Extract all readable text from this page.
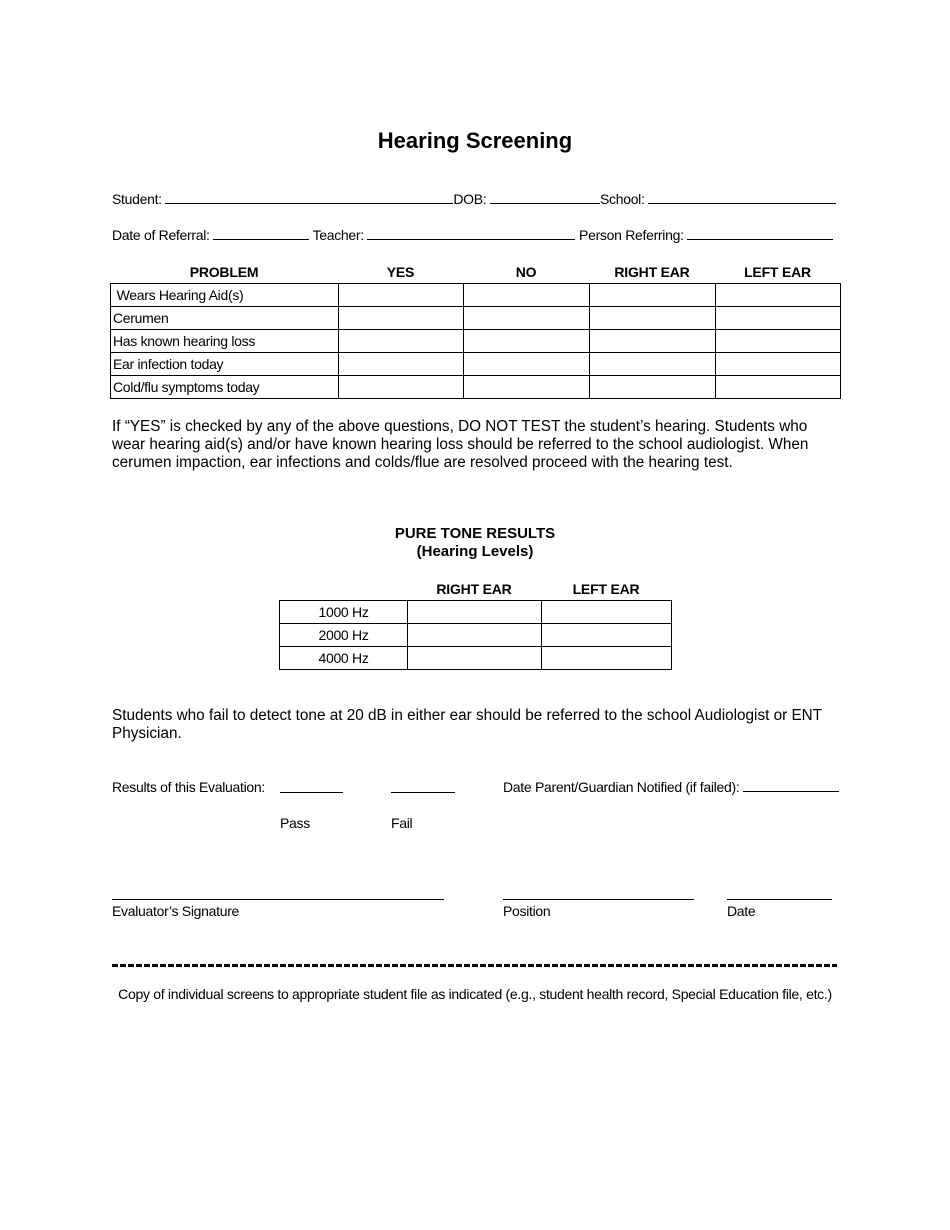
Hearing Screening
Student:	DOB:	School:
Date of Referral:	Teacher:	Person Referring:
PROBLEM	YES	NO	RIGHT EAR	LEFT EAR
Wears Hearing Aid(s)				
Cerumen				
Has known hearing loss				
Ear infection today				
Cold/flu symptoms today				
If “YES” is checked by any of the above questions, DO NOT TEST the student’s hearing. Students who wear hearing aid(s) and/or have known hearing loss should be referred to the school audiologist. When cerumen impaction, ear infections and colds/flue are resolved proceed with the hearing test.
PURE TONE RESULTS
(Hearing Levels)
RIGHT EAR	LEFT EAR
1000 Hz		
2000 Hz		
4000 Hz		
Students who fail to detect tone at 20 dB in either ear should be referred to the school Audiologist or ENT Physician.
Results of this Evaluation:
Pass	Fail
Date Parent/Guardian Notified (if failed):
Evaluator’s Signature	Position	Date
Copy of individual screens to appropriate student file as indicated (e.g., student health record, Special Education file, etc.)
